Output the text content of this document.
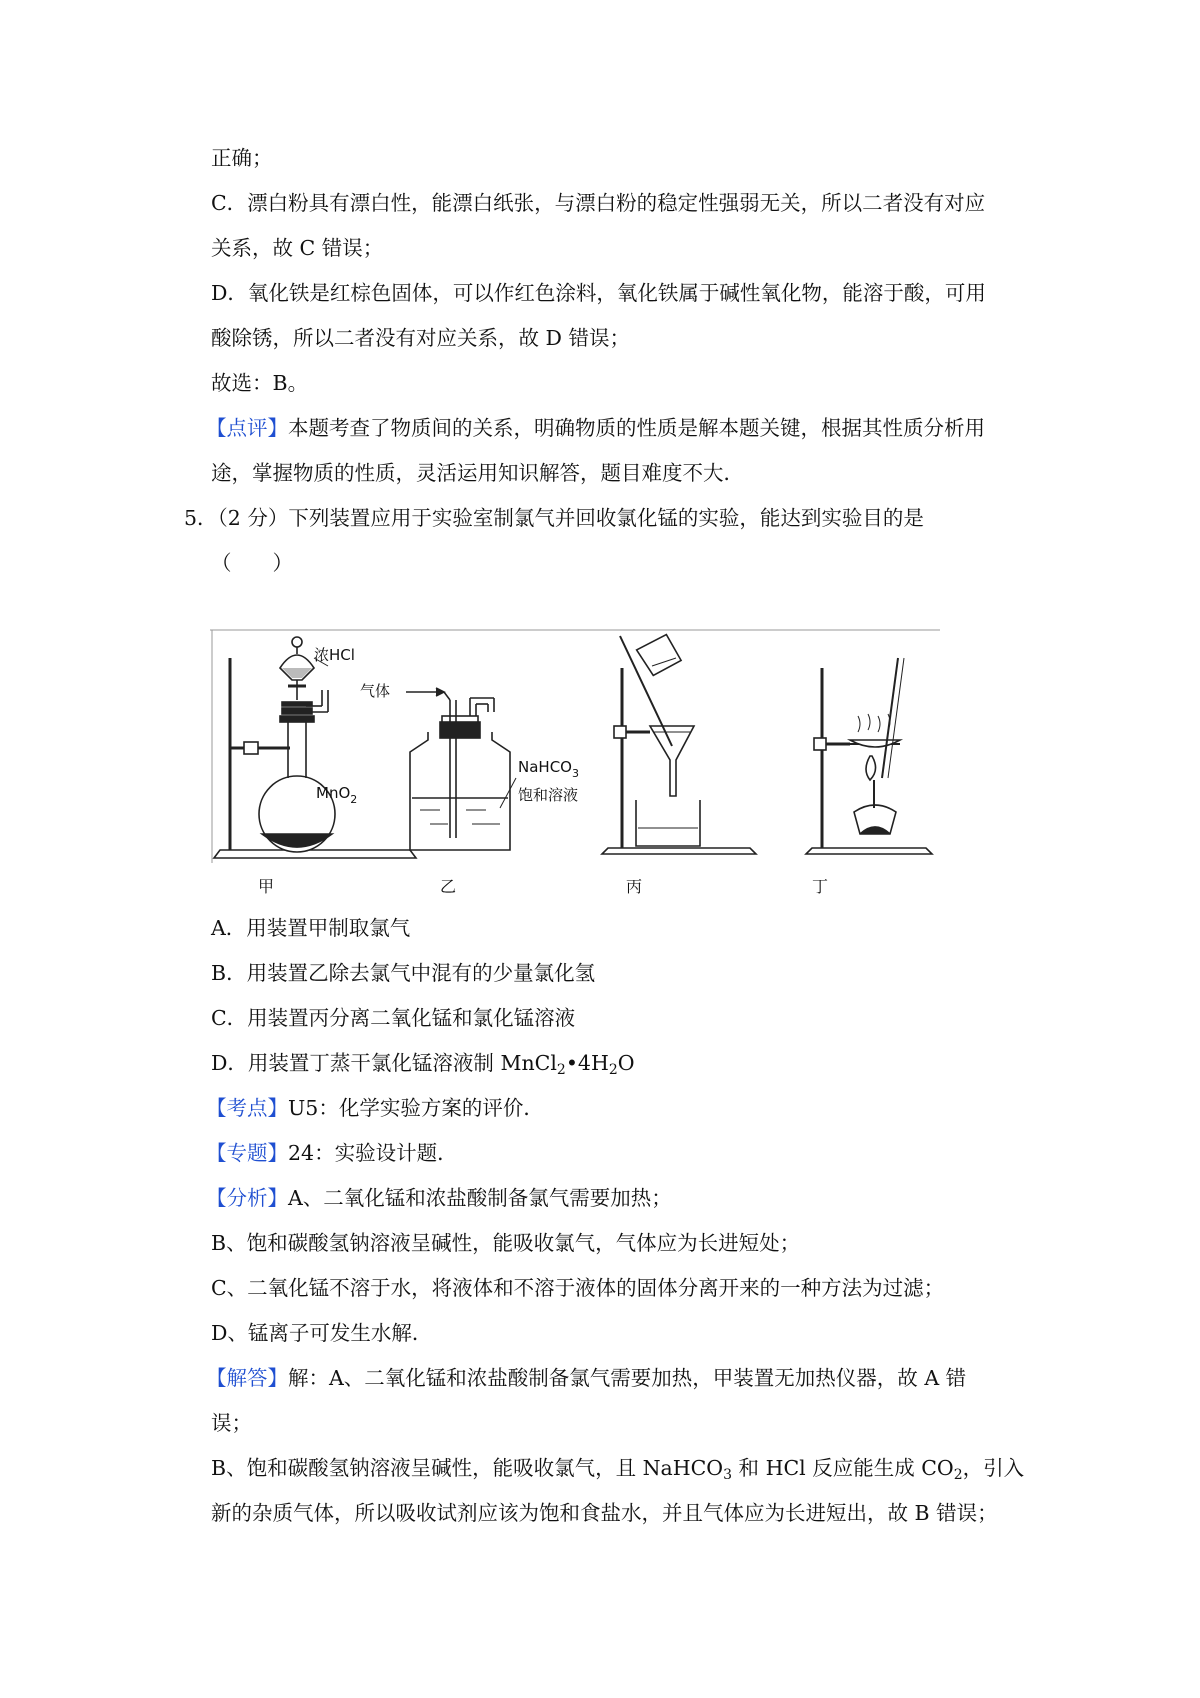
正确；
C．漂白粉具有漂白性，能漂白纸张，与漂白粉的稳定性强弱无关，所以二者没有对应
关系，故 C 错误；
D．氧化铁是红棕色固体，可以作红色涂料，氧化铁属于碱性氧化物，能溶于酸，可用
酸除锈，所以二者没有对应关系，故 D 错误；
故选：B。
【点评】本题考查了物质间的关系，明确物质的性质是解本题关键，根据其性质分析用
途，掌握物质的性质，灵活运用知识解答，题目难度不大．
5．（2 分）下列装置应用于实验室制氯气并回收氯化锰的实验，能达到实验目的是
（　　）
浓HCl
MnO$_2$
气体
NaHCO$_3$
饱和溶液
甲	乙	丙	丁
A．用装置甲制取氯气
B．用装置乙除去氯气中混有的少量氯化氢
C．用装置丙分离二氧化锰和氯化锰溶液
D．用装置丁蒸干氯化锰溶液制 $MnCl_2•4H_2O$
【考点】U5：化学实验方案的评价．
【专题】24：实验设计题．
【分析】A、二氧化锰和浓盐酸制备氯气需要加热；
B、饱和碳酸氢钠溶液呈碱性，能吸收氯气，气体应为长进短处；
C、二氧化锰不溶于水，将液体和不溶于液体的固体分离开来的一种方法为过滤；
D、锰离子可发生水解．
【解答】解：A、二氧化锰和浓盐酸制备氯气需要加热，甲装置无加热仪器，故 A 错
误；
B、饱和碳酸氢钠溶液呈碱性，能吸收氯气，且 NaHCO$_3$ 和 HCl 反应能生成 $CO_2$，引入
新的杂质气体，所以吸收试剂应该为饱和食盐水，并且气体应为长进短出，故 B 错误；
